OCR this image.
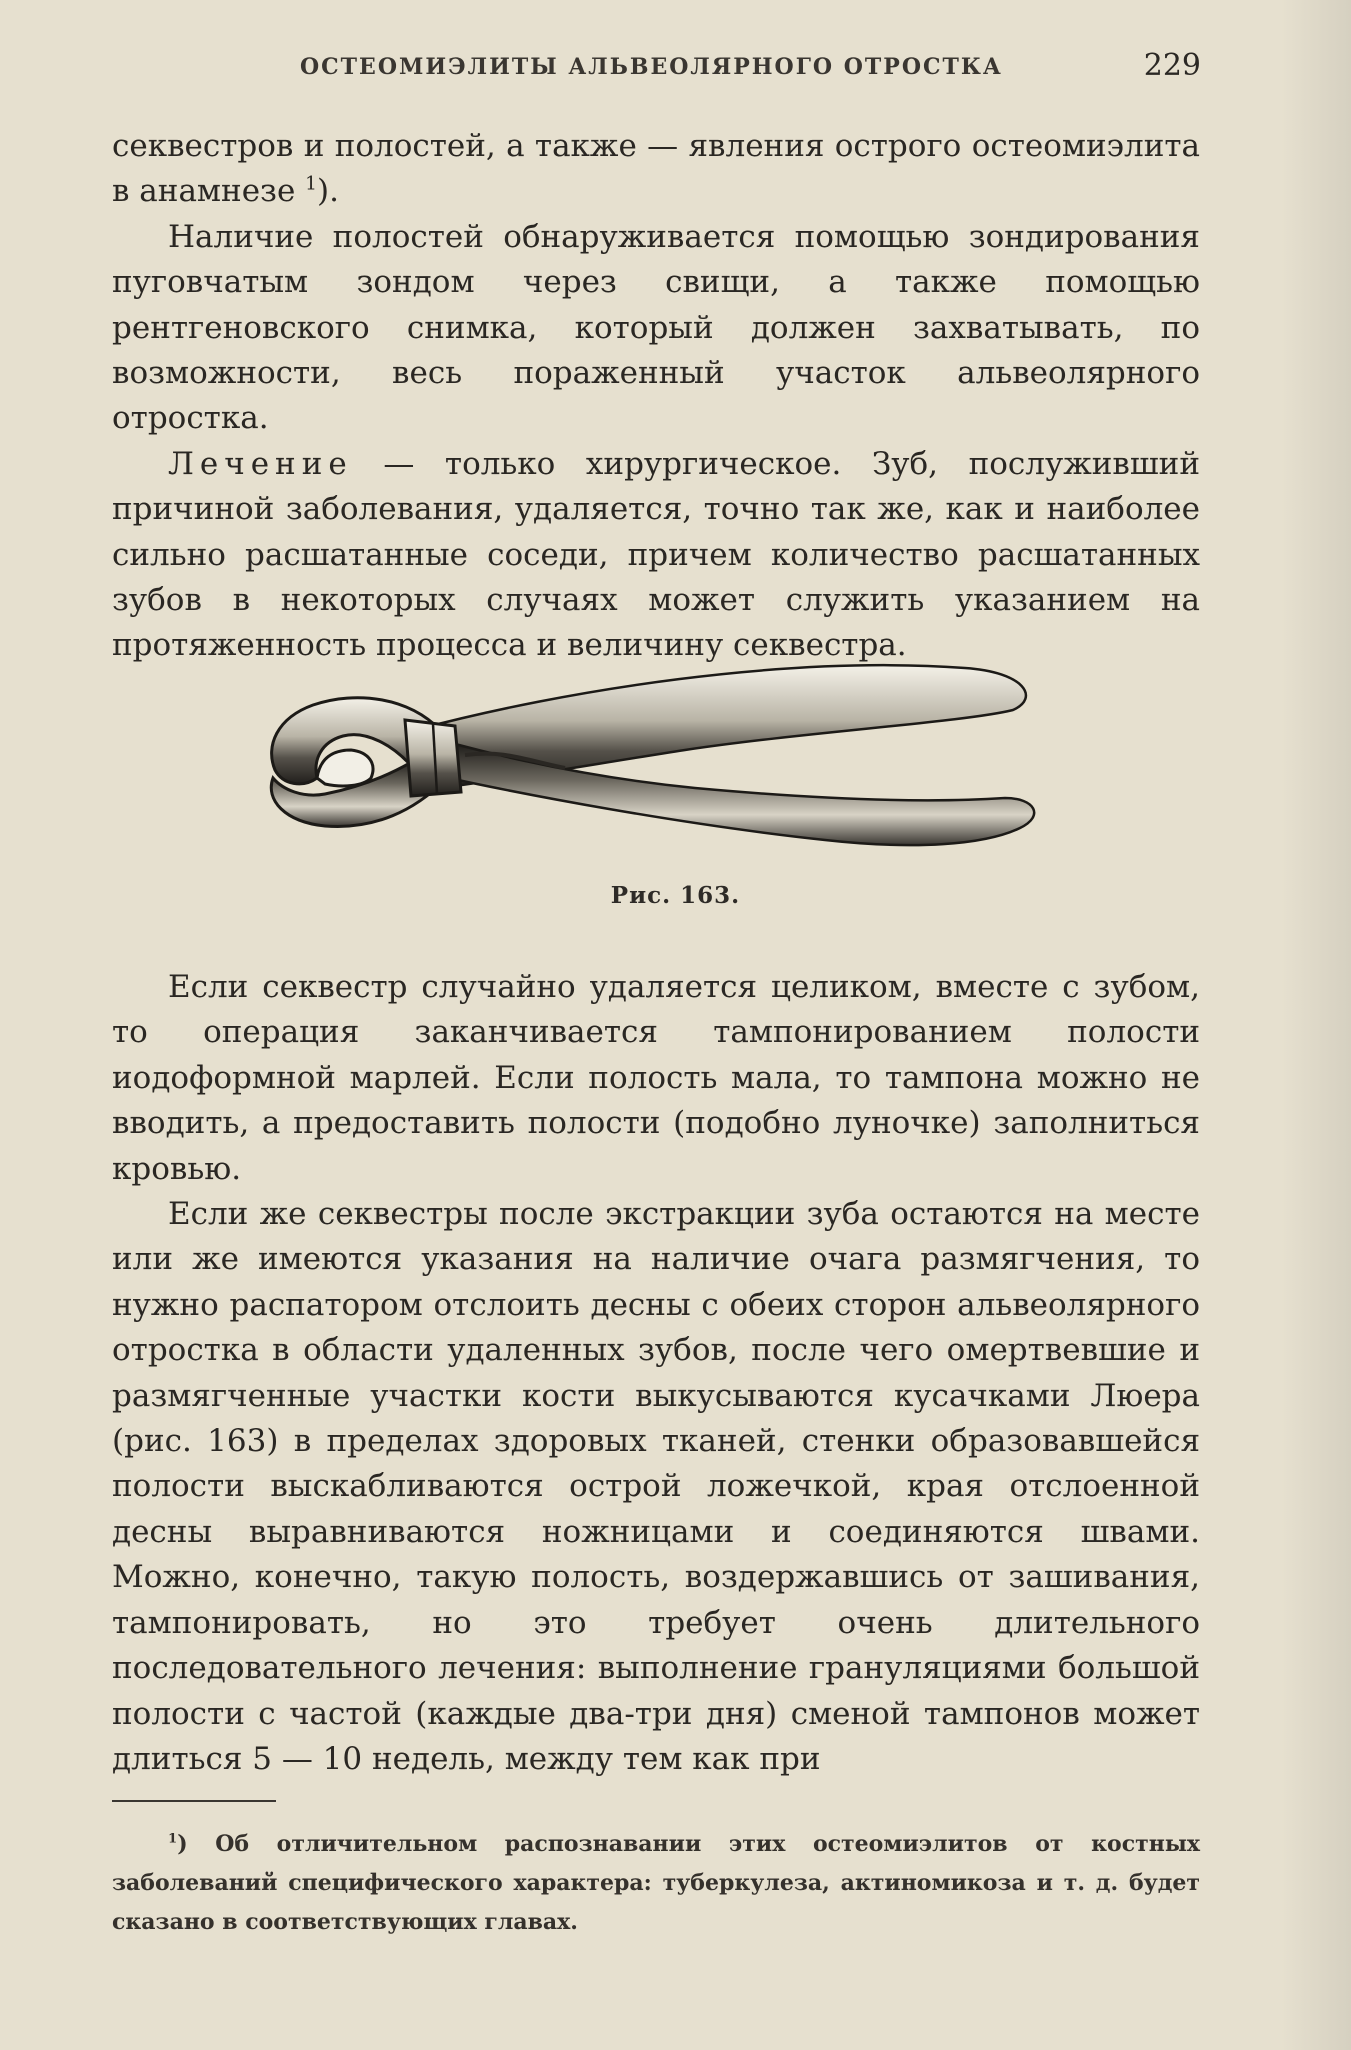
ОСТЕОМИЭЛИТЫ АЛЬВЕОЛЯРНОГО ОТРОСТКА	229

секвестров и полостей, а также — явления острого остеомиэлита в анамнезе $^1$).

Наличие полостей обнаруживается помощью зондирования пуговчатым зондом через свищи, а также помощью рентгеновского снимка, который должен захватывать, по возможности, весь пораженный участок альвеолярного отростка.

Лечение — только хирургическое. Зуб, послуживший причиной заболевания, удаляется, точно так же, как и наиболее сильно расшатанные соседи, причем количество расшатанных зубов в некоторых случаях может служить указанием на протяженность процесса и величину секвестра.

Рис. 163.

Если секвестр случайно удаляется целиком, вместе с зубом, то операция заканчивается тампонированием полости иодоформной марлей. Если полость мала, то тампона можно не вводить, а предоставить полости (подобно луночке) заполниться кровью.

Если же секвестры после экстракции зуба остаются на месте или же имеются указания на наличие очага размягчения, то нужно распатором отслоить десны с обеих сторон альвеолярного отростка в области удаленных зубов, после чего омертвевшие и размягченные участки кости выкусываются кусачками Люера (рис. 163) в пределах здоровых тканей, стенки образовавшейся полости выскабливаются острой ложечкой, края отслоенной десны выравниваются ножницами и соединяются швами. Можно, конечно, такую полость, воздержавшись от зашивания, тампонировать, но это требует очень длительного последовательного лечения: выполнение грануляциями большой полости с частой (каждые два-три дня) сменой тампонов может длиться 5 — 10 недель, между тем как при

$^1$) Об отличительном распознавании этих остеомиэлитов от костных заболеваний специфического характера: туберкулеза, актиномикоза и т. д. будет сказано в соответствующих главах.
